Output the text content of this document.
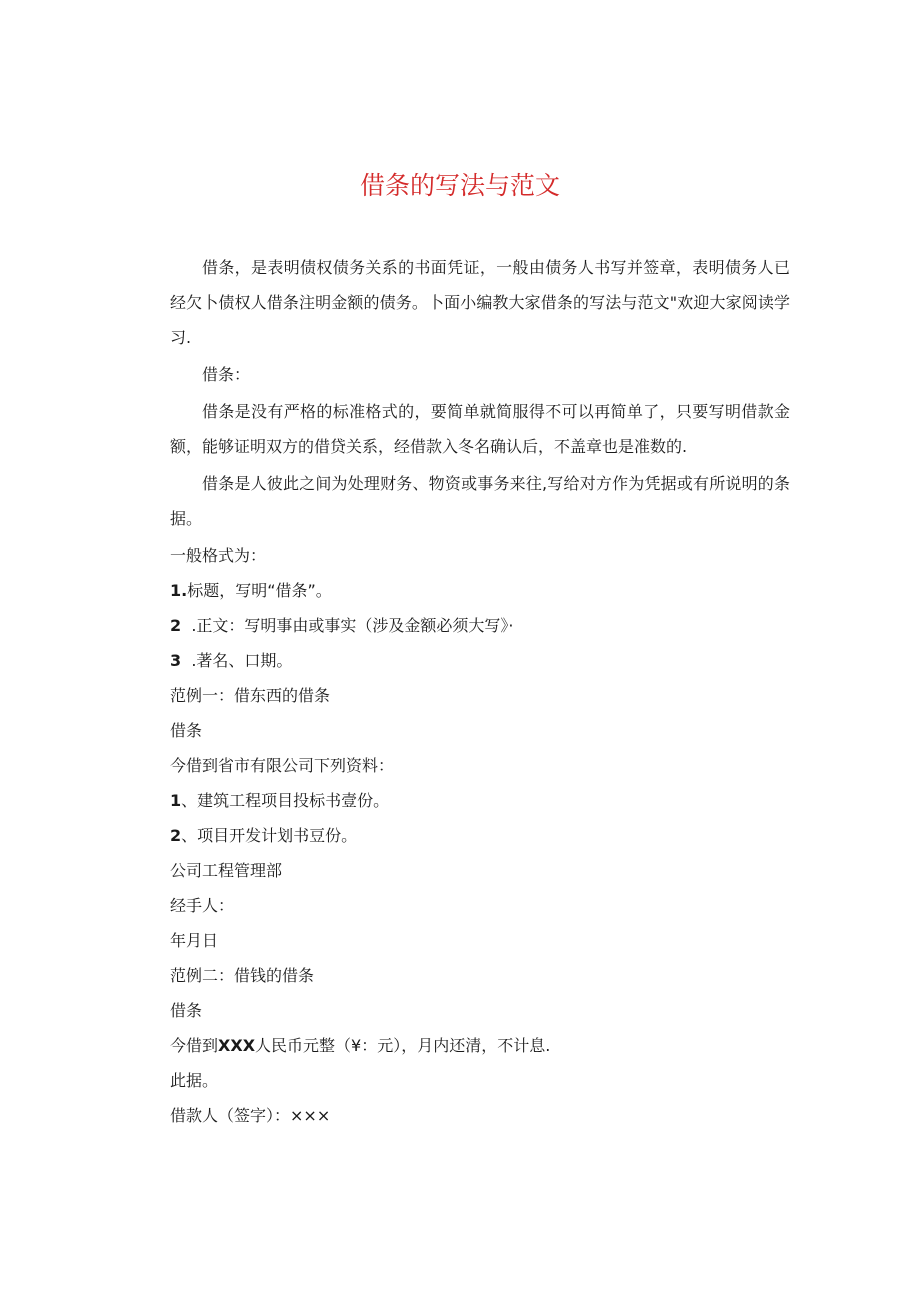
借条的写法与范文

借条，是表明债权债务关系的书面凭证，一般由债务人书写并签章，表明债务人已经欠卜债权人借条注明金额的债务。卜面小编教大家借条的写法与范文"欢迎大家阅读学习.

借条：

借条是没有严格的标准格式的，要简单就简服得不可以再简单了，只要写明借款金额，能够证明双方的借贷关系，经借款入冬名确认后，不盖章也是准数的.

借条是人彼此之间为处理财务、物资或事务来往,写给对方作为凭据或有所说明的条据。

一般格式为：

1.标题，写明“借条”。

2 .正文：写明事由或事实（涉及金额必须大写》·

3 .著名、口期。

范例一：借东西的借条

借条

今借到省市有限公司下列资料：

1、建筑工程项目投标书壹份。

2、项目开发计划书豆份。

公司工程管理部

经手人：

年月日

范例二：借钱的借条

借条

今借到XXX人民币元整（¥：元），月内还清，不计息.

此据。

借款人（签字）：×××
